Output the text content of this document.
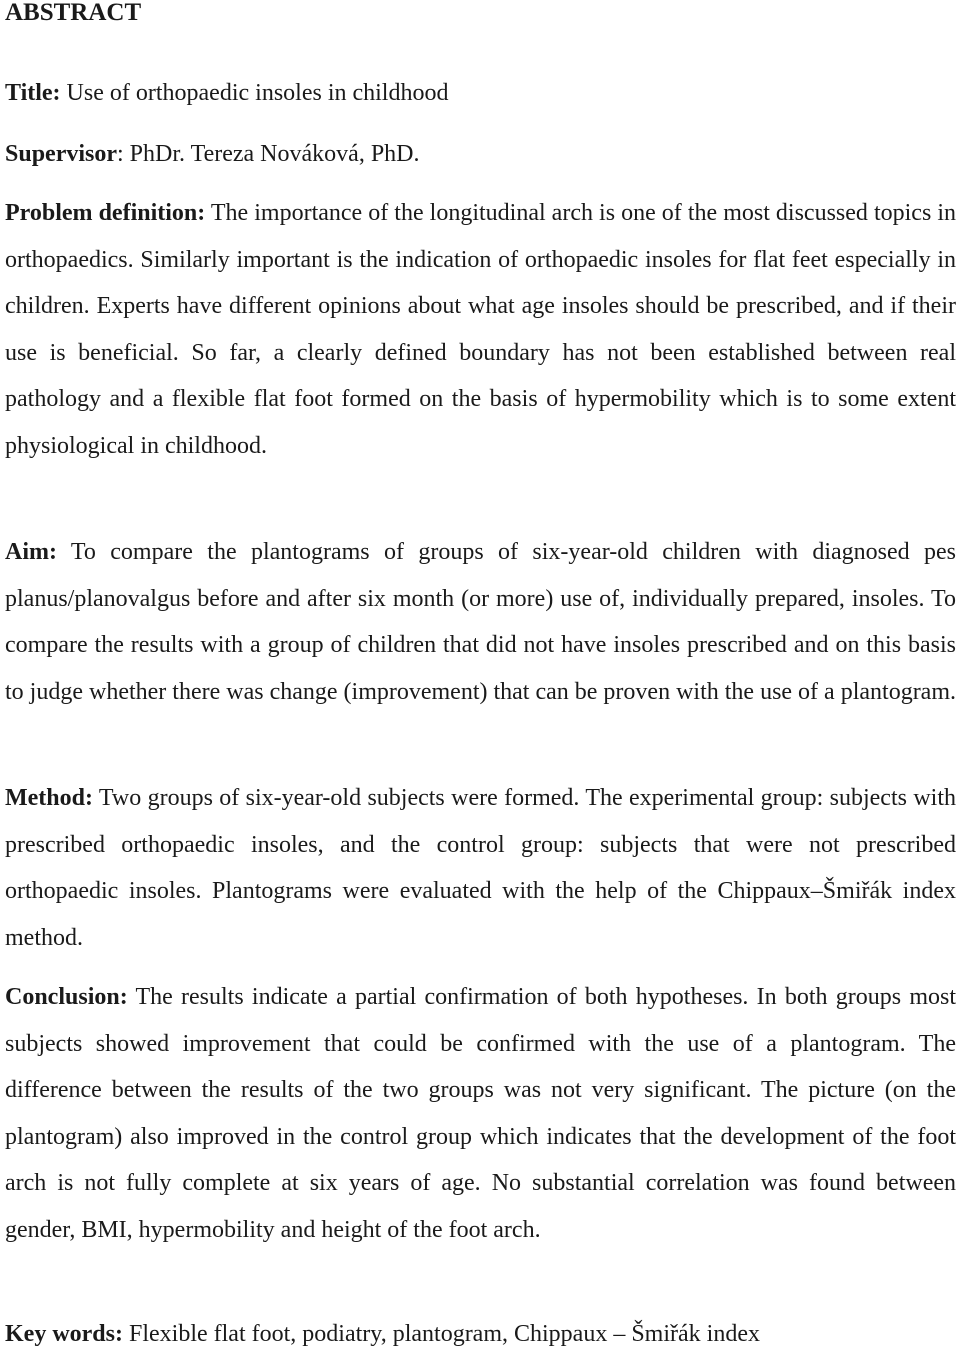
ABSTRACT

Title: Use of orthopaedic insoles in childhood

Supervisor: PhDr. Tereza Nováková, PhD.

Problem definition: The importance of the longitudinal arch is one of the most discussed topics in orthopaedics. Similarly important is the indication of orthopaedic insoles for flat feet especially in children. Experts have different opinions about what age insoles should be prescribed, and if their use is beneficial. So far, a clearly defined boundary has not been established between real pathology and a flexible flat foot formed on the basis of hypermobility which is to some extent physiological in childhood.

Aim: To compare the plantograms of groups of six-year-old children with diagnosed pes planus/planovalgus before and after six month (or more) use of, individually prepared, insoles. To compare the results with a group of children that did not have insoles prescribed and on this basis to judge whether there was change (improvement) that can be proven with the use of a plantogram.

Method: Two groups of six-year-old subjects were formed. The experimental group: subjects with prescribed orthopaedic insoles, and the control group: subjects that were not prescribed orthopaedic insoles. Plantograms were evaluated with the help of the Chippaux–Šmiřák index method.

Conclusion: The results indicate a partial confirmation of both hypotheses. In both groups most subjects showed improvement that could be confirmed with the use of a plantogram. The difference between the results of the two groups was not very significant. The picture (on the plantogram) also improved in the control group which indicates that the development of the foot arch is not fully complete at six years of age. No substantial correlation was found between gender, BMI, hypermobility and height of the foot arch.

Key words: Flexible flat foot, podiatry, plantogram, Chippaux – Šmiřák index
